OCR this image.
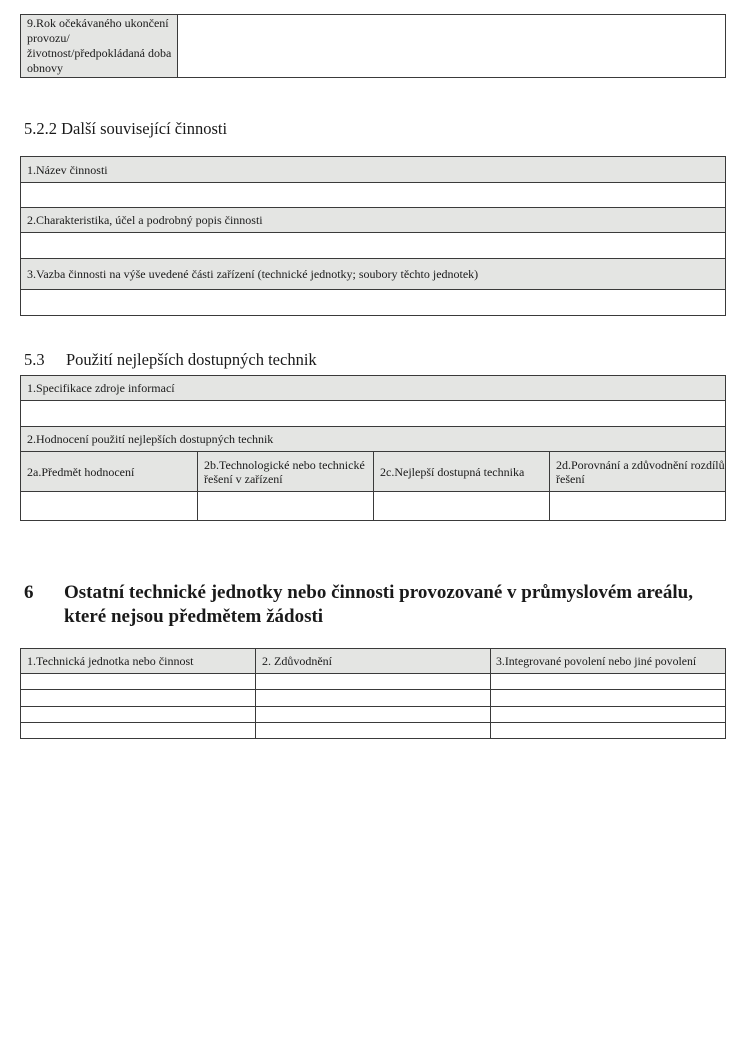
9.Rok očekávaného ukončení provozu/ životnost/předpokládaná doba obnovy	
5.2.2 Další související činnosti
1.Název činnosti

2.Charakteristika, účel a podrobný popis činnosti

3.Vazba činnosti na výše uvedené části zařízení (technické jednotky; soubory těchto jednotek)

5.3 Použití nejlepších dostupných technik
1.Specifikace zdroje informací			

2.Hodnocení použití nejlepších dostupných technik			
2a.Předmět hodnocení	2b.Technologické nebo technické řešení v zařízení	2c.Nejlepší dostupná technika	2d.Porovnání a zdůvodnění rozdílů řešení

6 Ostatní technické jednotky nebo činnosti provozované v průmyslovém areálu, které nejsou předmětem žádosti
1.Technická jednotka nebo činnost	2. Zdůvodnění	3.Integrované povolení nebo jiné povolení
